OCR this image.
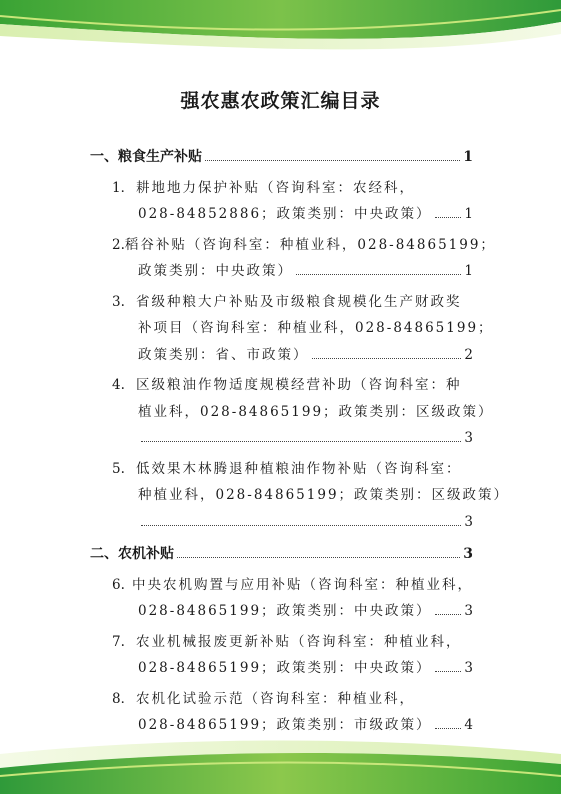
强农惠农政策汇编目录
一、粮食生产补贴	1
1． 耕地地力保护补贴（咨询科室：农经科，
028-84852886；政策类别：中央政策） 1
2. 稻谷补贴（咨询科室：种植业科，028-84865199；
政策类别：中央政策）	1
3. 省级种粮大户补贴及市级粮食规模化生产财政奖
补项目（咨询科室：种植业科，028-84865199；
政策类别：省、市政策）	2
4. 区级粮油作物适度规模经营补助（咨询科室：种
植业科，028-84865199；政策类别：区级政策）
3
5. 低效果木林腾退种植粮油作物补贴（咨询科室：
种植业科，028-84865199；政策类别：区级政策）
3
二、农机补贴	3
6. 中央农机购置与应用补贴（咨询科室：种植业科，
028-84865199；政策类别：中央政策） 3
7. 农业机械报废更新补贴（咨询科室：种植业科，
028-84865199；政策类别：中央政策） 3
8． 农机化试验示范（咨询科室：种植业科，
028-84865199；政策类别：市级政策） 4
